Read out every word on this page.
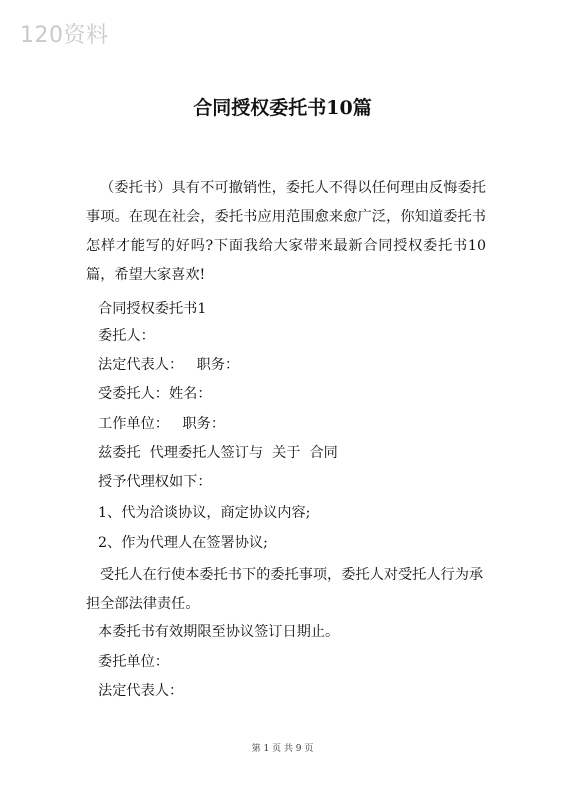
120资料
合同授权委托书10篇

（委托书）具有不可撤销性，委托人不得以任何理由反悔委托事项。在现在社会，委托书应用范围愈来愈广泛，你知道委托书怎样才能写的好吗?下面我给大家带来最新合同授权委托书10篇，希望大家喜欢!

合同授权委托书1

委托人：

法定代表人：   职务：

受委托人：姓名：

工作单位：   职务：

兹委托  代理委托人签订与  关于  合同

授予代理权如下：

1、代为洽谈协议，商定协议内容;

2、作为代理人在签署协议;

受托人在行使本委托书下的委托事项，委托人对受托人行为承担全部法律责任。

本委托书有效期限至协议签订日期止。

委托单位：

法定代表人：

第 1 页 共 9 页
